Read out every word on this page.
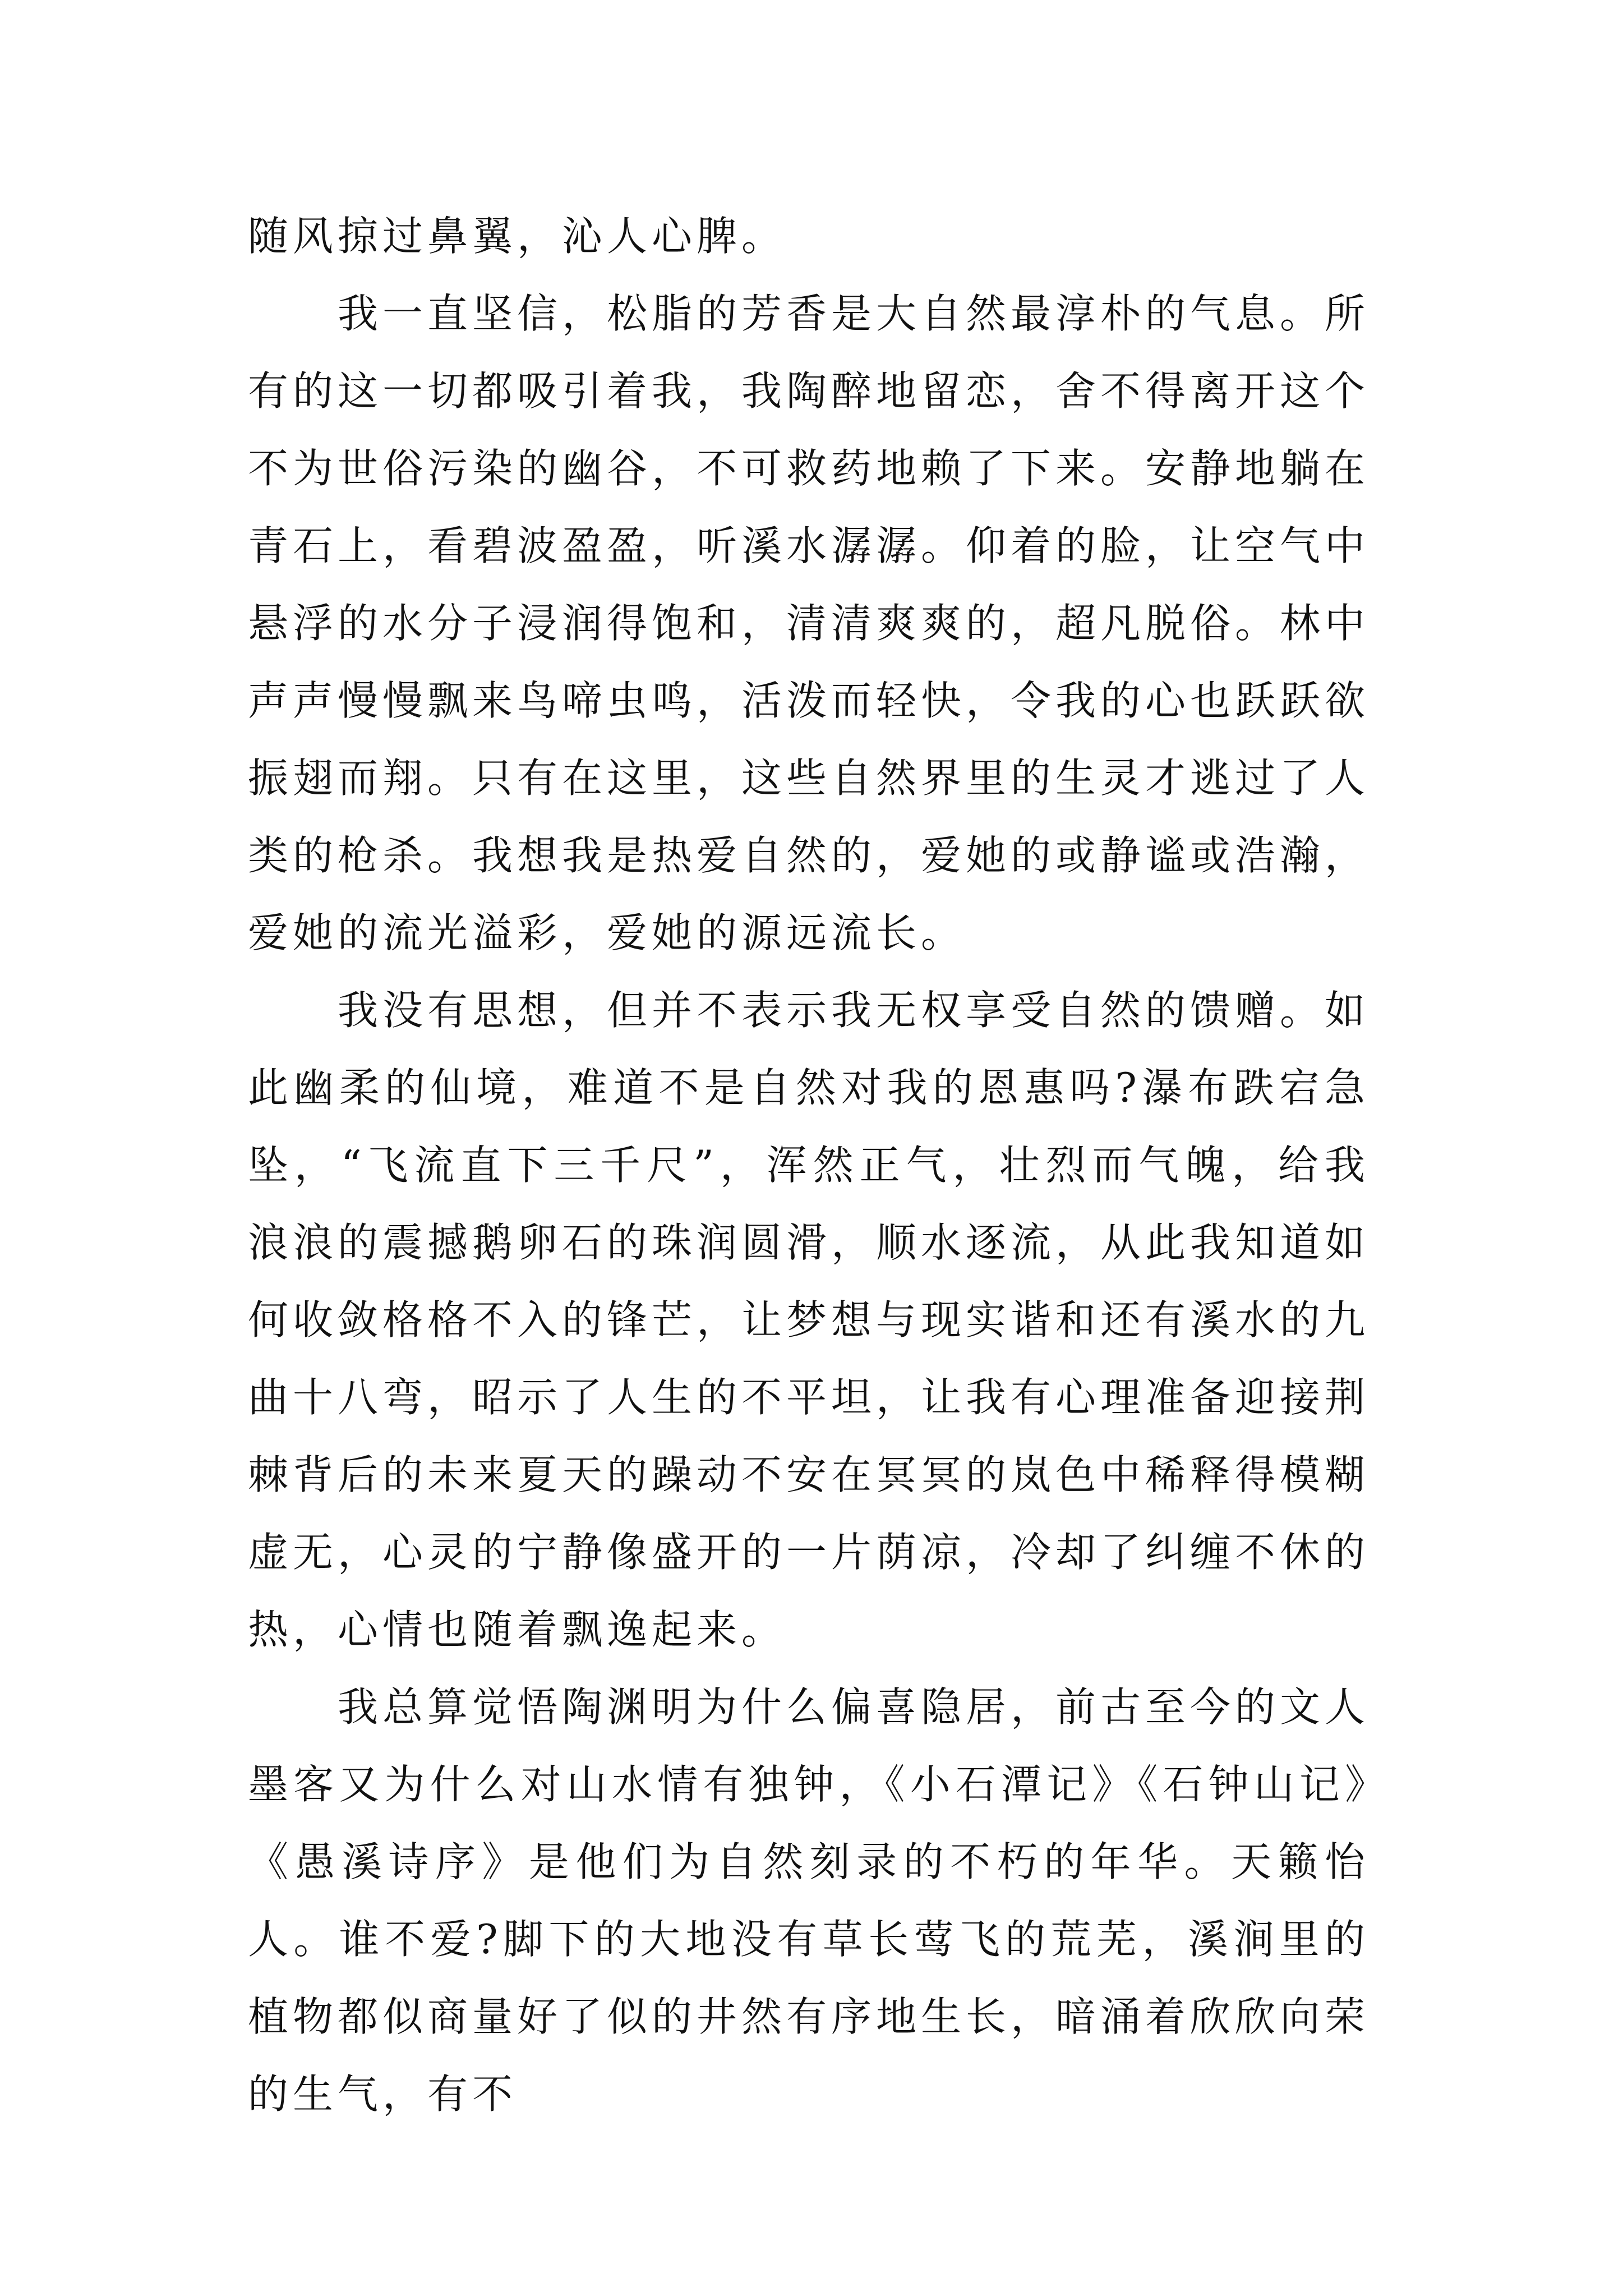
随风掠过鼻翼，沁人心脾。

我一直坚信，松脂的芳香是大自然最淳朴的气息。所有的这一切都吸引着我，我陶醉地留恋，舍不得离开这个不为世俗污染的幽谷，不可救药地赖了下来。安静地躺在青石上，看碧波盈盈，听溪水潺潺。仰着的脸，让空气中悬浮的水分子浸润得饱和，清清爽爽的，超凡脱俗。林中声声慢慢飘来鸟啼虫鸣，活泼而轻快，令我的心也跃跃欲振翅而翔。只有在这里，这些自然界里的生灵才逃过了人类的枪杀。我想我是热爱自然的，爱她的或静谧或浩瀚，爱她的流光溢彩，爱她的源远流长。

我没有思想，但并不表示我无权享受自然的馈赠。如此幽柔的仙境，难道不是自然对我的恩惠吗?瀑布跌宕急坠，“飞流直下三千尺”，浑然正气，壮烈而气魄，给我浪浪的震撼鹅卵石的珠润圆滑，顺水逐流，从此我知道如何收敛格格不入的锋芒，让梦想与现实谐和还有溪水的九曲十八弯，昭示了人生的不平坦，让我有心理准备迎接荆棘背后的未来夏天的躁动不安在冥冥的岚色中稀释得模糊虚无，心灵的宁静像盛开的一片荫凉，冷却了纠缠不休的热，心情也随着飘逸起来。

我总算觉悟陶渊明为什么偏喜隐居，前古至今的文人墨客又为什么对山水情有独钟，《小石潭记》《石钟山记》《愚溪诗序》是他们为自然刻录的不朽的年华。天籁怡人。谁不爱?脚下的大地没有草长莺飞的荒芜，溪涧里的植物都似商量好了似的井然有序地生长，暗涌着欣欣向荣的生气，有不
